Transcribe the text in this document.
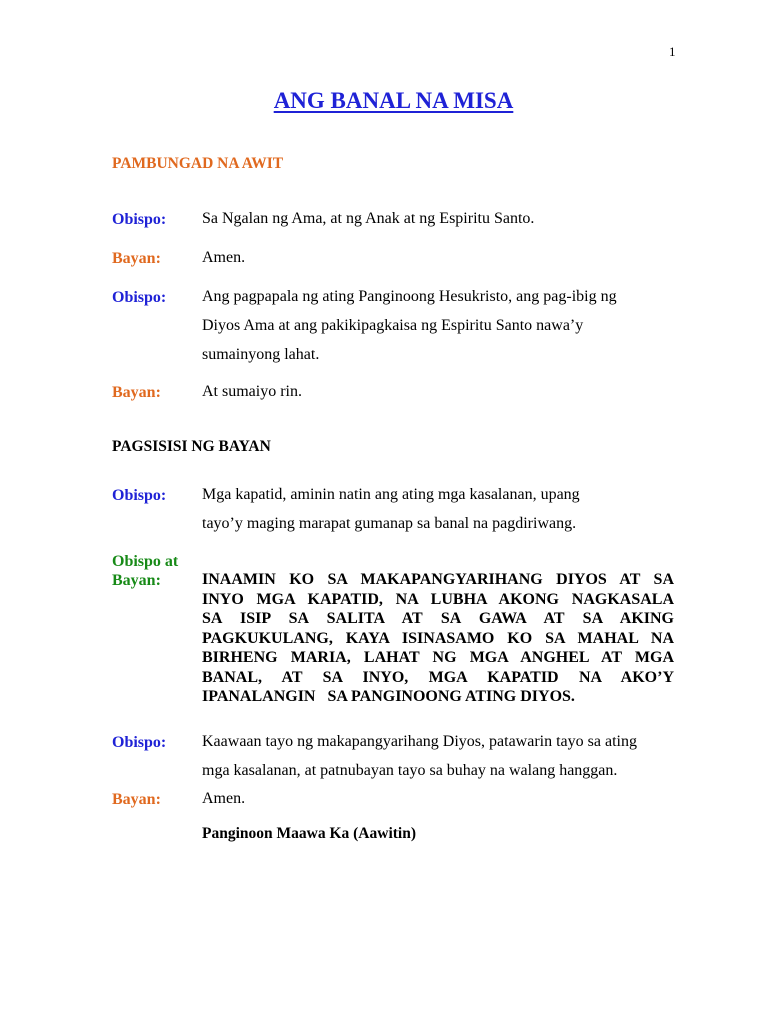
1
ANG BANAL NA MISA
PAMBUNGAD NA AWIT
Obispo: Sa Ngalan ng Ama, at ng Anak at ng Espiritu Santo.
Bayan:	Amen.
Obispo: Ang pagpapala ng ating Panginoong Hesukristo, ang pag-ibig ng
Diyos Ama at ang pakikipagkaisa ng Espiritu Santo nawa’y
sumainyong lahat.
Bayan:	At sumaiyo rin.
PAGSISISI NG BAYAN
Obispo: Mga kapatid, aminin natin ang ating mga kasalanan, upang
tayo’y maging marapat gumanap sa banal na pagdiriwang.
Obispo at
Bayan:	INAAMIN KO SA MAKAPANGYARIHANG DIYOS AT SA
INYO MGA KAPATID, NA LUBHA AKONG NAGKASALA
SA ISIP SA SALITA AT SA GAWA AT SA AKING
PAGKUKULANG, KAYA ISINASAMO KO SA MAHAL NA
BIRHENG MARIA, LAHAT NG MGA ANGHEL AT MGA
BANAL, AT SA INYO, MGA KAPATID NA AKO’Y
IPANALANGIN   SA PANGINOONG ATING DIYOS.
Obispo: Kaawaan tayo ng makapangyarihang Diyos, patawarin tayo sa ating
mga kasalanan, at patnubayan tayo sa buhay na walang hanggan.
Bayan:	Amen.
Panginoon Maawa Ka (Aawitin)
